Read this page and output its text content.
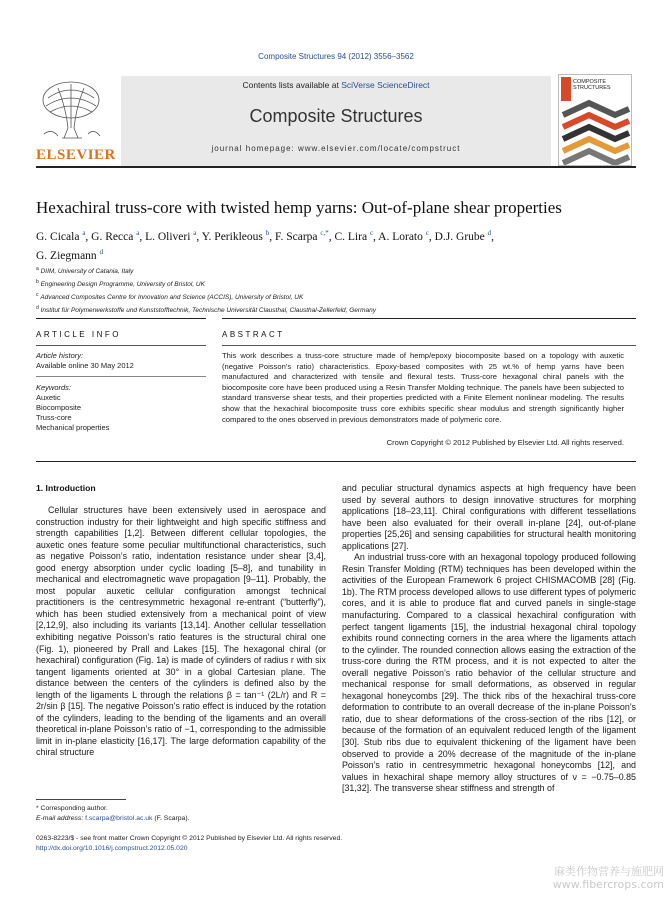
Composite Structures 94 (2012) 3556–3562
ELSEVIER
Contents lists available at SciVerse ScienceDirect
Composite Structures
journal homepage: www.elsevier.com/locate/compstruct
COMPOSITE
STRUCTURES
Hexachiral truss-core with twisted hemp yarns: Out-of-plane shear properties
G. Cicala $^a$, G. Recca $^a$, L. Oliveri $^a$, Y. Perikleous $^b$, F. Scarpa $^{c,*}$, C. Lira $^c$, A. Lorato $^c$, D.J. Grube $^d$,
G. Ziegmann $^d$
$^a$ DIIM, University of Catania, Italy
$^b$ Engineering Design Programme, University of Bristol, UK
$^c$ Advanced Composites Centre for Innovation and Science (ACCIS), University of Bristol, UK
$^d$ Institut für Polymerwerkstoffe und Kunststofftechnik, Technische Universität Clausthal, Clausthal-Zellerfeld, Germany
ARTICLE INFO	ABSTRACT
Article history:
Available online 30 May 2012
Keywords:
Auxetic
Biocomposite
Truss-core
Mechanical properties
This work describes a truss-core structure made of hemp/epoxy biocomposite based on a topology with auxetic (negative Poisson’s ratio) characteristics. Epoxy-based composites with 25 wt.% of hemp yarns have been manufactured and characterized with tensile and flexural tests. Truss-core hexagonal chiral panels with the biocomposite core have been produced using a Resin Transfer Molding technique. The panels have been subjected to standard transverse shear tests, and their properties predicted with a Finite Element nonlinear modeling. The results show that the hexachiral biocomposite truss core exhibits specific shear modulus and strength significantly higher compared to the ones observed in previous demonstrators made of polymeric core.
Crown Copyright © 2012 Published by Elsevier Ltd. All rights reserved.
1. Introduction

Cellular structures have been extensively used in aerospace and construction industry for their lightweight and high specific stiffness and strength capabilities [1,2]. Between different cellular topologies, the auxetic ones feature some peculiar multifunctional characteristics, such as negative Poisson’s ratio, indentation resistance under shear [3,4], good energy absorption under cyclic loading [5–8], and tunability in mechanical and electromagnetic wave propagation [9–11]. Probably, the most popular auxetic cellular configuration amongst technical practitioners is the centresymmetric hexagonal re-entrant (“butterfly”), which has been studied extensively from a mechanical point of view [2,12,9], also including its variants [13,14]. Another cellular tessellation exhibiting negative Poisson’s ratio features is the structural chiral one (Fig. 1), pioneered by Prall and Lakes [15]. The hexagonal chiral (or hexachiral) configuration (Fig. 1a) is made of cylinders of radius r with six tangent ligaments oriented at 30° in a global Cartesian plane. The distance between the centers of the cylinders is defined also by the length of the ligaments L through the relations β = tan⁻¹ (2L/r) and R = 2r/sin β [15]. The negative Poisson’s ratio effect is induced by the rotation of the cylinders, leading to the bending of the ligaments and an overall theoretical in-plane Poisson’s ratio of −1, corresponding to the admissible limit in in-plane elasticity [16,17]. The large deformation capability of the chiral structure

and peculiar structural dynamics aspects at high frequency have been used by several authors to design innovative structures for morphing applications [18–23,11]. Chiral configurations with different tessellations have been also evaluated for their overall in-plane [24], out-of-plane properties [25,26] and sensing capabilities for structural health monitoring applications [27].

An industrial truss-core with an hexagonal topology produced following Resin Transfer Molding (RTM) techniques has been developed within the activities of the European Framework 6 project CHISMACOMB [28] (Fig. 1b). The RTM process developed allows to use different types of polymeric cores, and it is able to produce flat and curved panels in single-stage manufacturing. Compared to a classical hexachiral configuration with perfect tangent ligaments [15], the industrial hexagonal chiral topology exhibits round connecting corners in the area where the ligaments attach to the cylinder. The rounded connection allows easing the extraction of the truss-core during the RTM process, and it is not expected to alter the overall negative Poisson’s ratio behavior of the cellular structure and mechanical response for small deformations, as observed in regular hexagonal honeycombs [29]. The thick ribs of the hexachiral truss-core deformation to contribute to an overall decrease of the in-plane Poisson’s ratio, due to shear deformations of the cross-section of the ribs [12], or because of the formation of an equivalent reduced length of the ligament [30]. Stub ribs due to equivalent thickening of the ligament have been observed to provide a 20% decrease of the magnitude of the in-plane Poisson’s ratio in centresymmetric hexagonal honeycombs [12], and values in hexachiral shape memory alloy structures of ν = −0.75–0.85 [31,32]. The transverse shear stiffness and strength of

* Corresponding author.
E-mail address: f.scarpa@bristol.ac.uk (F. Scarpa).
0263-8223/$ - see front matter Crown Copyright © 2012 Published by Elsevier Ltd. All rights reserved.
http://dx.doi.org/10.1016/j.compstruct.2012.05.020
麻类作物营养与施肥网
www.fibercrops.com
